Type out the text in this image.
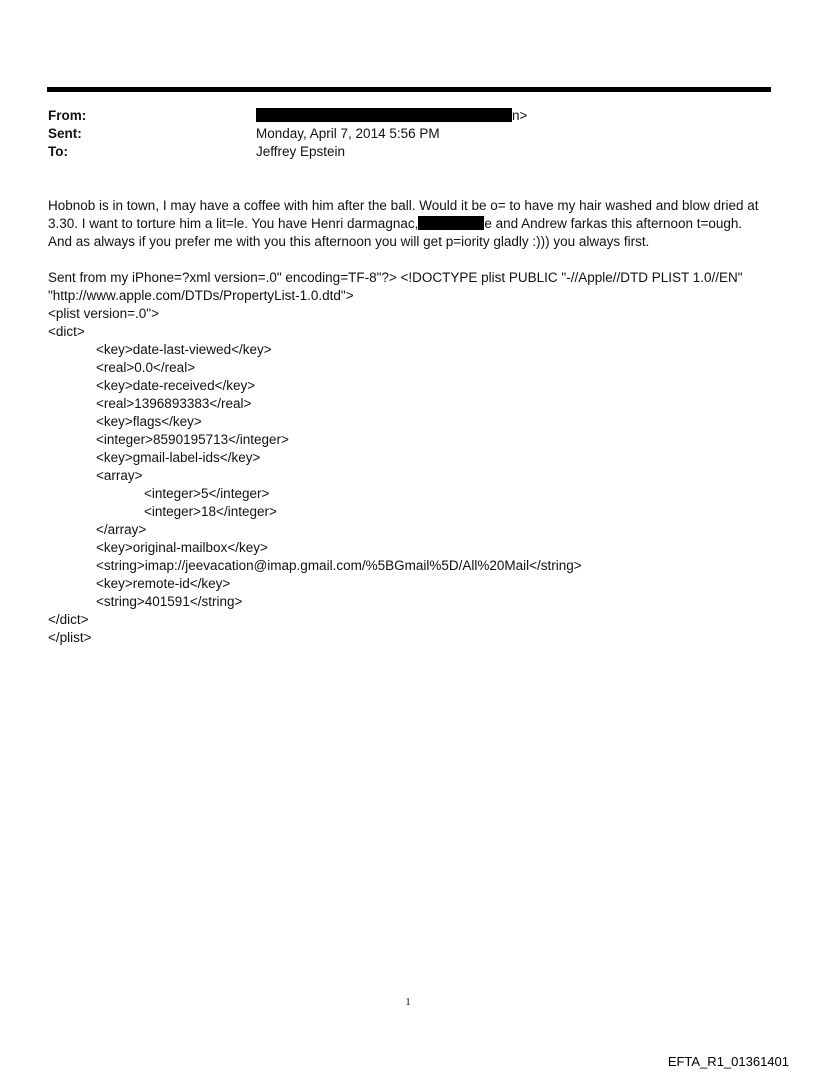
From:	n>
Sent:	Monday, April 7, 2014 5:56 PM
To:	Jeffrey Epstein

Hobnob is in town, I may have a coffee with him after the ball. Would it be o= to have my hair washed and blow dried at

3.30. I want to torture him a lit=le. You have Henri darmagnac,	e and Andrew farkas this afternoon t=ough.

And as always if you prefer me with you this afternoon you will get p=iority gladly :))) you always first.

Sent from my iPhone=?xml version=.0" encoding=TF-8"?> <!DOCTYPE plist PUBLIC "-//Apple//DTD PLIST 1.0//EN"

"http://www.apple.com/DTDs/PropertyList-1.0.dtd">

<plist version=.0">

<dict>

<key>date-last-viewed</key>

<real>0.0</real>

<key>date-received</key>

<real>1396893383</real>

<key>flags</key>

<integer>8590195713</integer>

<key>gmail-label-ids</key>

<array>

<integer>5</integer>

<integer>18</integer>

</array>

<key>original-mailbox</key>

<string>imap://jeevacation@imap.gmail.com/%5BGmail%5D/All%20Mail</string>

<key>remote-id</key>

<string>401591</string>

</dict>

</plist>

1
EFTA_R1_01361401
